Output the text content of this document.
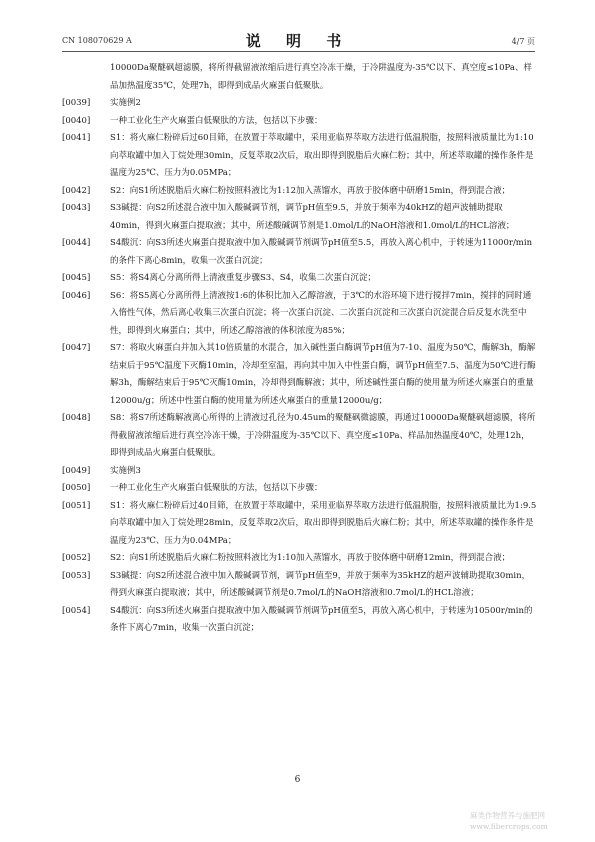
CN 108070629 A	说 明 书	4/7 页

10000Da聚醚砜超滤膜，将所得截留液浓缩后进行真空冷冻干燥，于冷阱温度为-35℃以下、真空度≤10Pa、样品加热温度35℃，处理7h，即得到成品火麻蛋白低聚肽。

[0039] 实施例2

[0040] 一种工业化生产火麻蛋白低聚肽的方法，包括以下步骤：

[0041] S1：将火麻仁粉碎后过60目筛，在放置于萃取罐中，采用亚临界萃取方法进行低温脱脂，按照料液质量比为1:10向萃取罐中加入丁烷处理30min，反复萃取2次后，取出即得到脱脂后火麻仁粉；其中，所述萃取罐的操作条件是温度为25℃、压力为0.05MPa；

[0042] S2：向S1所述脱脂后火麻仁粉按照料液比为1:12加入蒸馏水，再放于胶体磨中研磨15min，得到混合液；

[0043] S3碱提：向S2所述混合液中加入酸碱调节剂，调节pH值至9.5，并放于频率为40kHZ的超声波辅助提取40min，得到火麻蛋白提取液；其中，所述酸碱调节剂是1.0mol/L的NaOH溶液和1.0mol/L的HCL溶液；

[0044] S4酸沉：向S3所述火麻蛋白提取液中加入酸碱调节剂调节pH值至5.5，再放入离心机中，于转速为11000r/min的条件下离心8min，收集一次蛋白沉淀；

[0045] S5：将S4离心分离所得上清液重复步骤S3、S4，收集二次蛋白沉淀；

[0046] S6：将S5离心分离所得上清液按1:6的体积比加入乙醇溶液，于3℃的水浴环境下进行搅拌7min，搅拌的同时通入惰性气体，然后离心收集三次蛋白沉淀；将一次蛋白沉淀、二次蛋白沉淀和三次蛋白沉淀混合后反复水洗至中性，即得到火麻蛋白；其中，所述乙醇溶液的体积浓度为85%；

[0047] S7：将取火麻蛋白并加入其10倍质量的水混合，加入碱性蛋白酶调节pH值为7-10、温度为50℃，酶解3h，酶解结束后于95℃温度下灭酶10min，冷却至室温，再向其中加入中性蛋白酶，调节pH值至7.5、温度为50℃进行酶解3h，酶解结束后于95℃灭酶10min，冷却得到酶解液；其中，所述碱性蛋白酶的使用量为所述火麻蛋白的重量12000u/g；所述中性蛋白酶的使用量为所述火麻蛋白的重量12000u/g；

[0048] S8：将S7所述酶解液离心所得的上清液过孔径为0.45um的聚醚砜微滤膜，再通过10000Da聚醚砜超滤膜，将所得截留液浓缩后进行真空冷冻干燥，于冷阱温度为-35℃以下、真空度≤10Pa、样品加热温度40℃，处理12h，即得到成品火麻蛋白低聚肽。

[0049] 实施例3

[0050] 一种工业化生产火麻蛋白低聚肽的方法，包括以下步骤：

[0051] S1：将火麻仁粉碎后过40目筛，在放置于萃取罐中，采用亚临界萃取方法进行低温脱脂，按照料液质量比为1:9.5向萃取罐中加入丁烷处理28min，反复萃取2次后，取出即得到脱脂后火麻仁粉；其中，所述萃取罐的操作条件是温度为23℃、压力为0.04MPa；

[0052] S2：向S1所述脱脂后火麻仁粉按照料液比为1:10加入蒸馏水，再放于胶体磨中研磨12min，得到混合液；

[0053] S3碱提：向S2所述混合液中加入酸碱调节剂，调节pH值至9，并放于频率为35kHZ的超声波辅助提取30min，得到火麻蛋白提取液；其中，所述酸碱调节剂是0.7mol/L的NaOH溶液和0.7mol/L的HCL溶液；

[0054] S4酸沉：向S3所述火麻蛋白提取液中加入酸碱调节剂调节pH值至5，再放入离心机中，于转速为10500r/min的条件下离心7min，收集一次蛋白沉淀；

6
麻类作物营养与施肥网
www.fibercrops.com
